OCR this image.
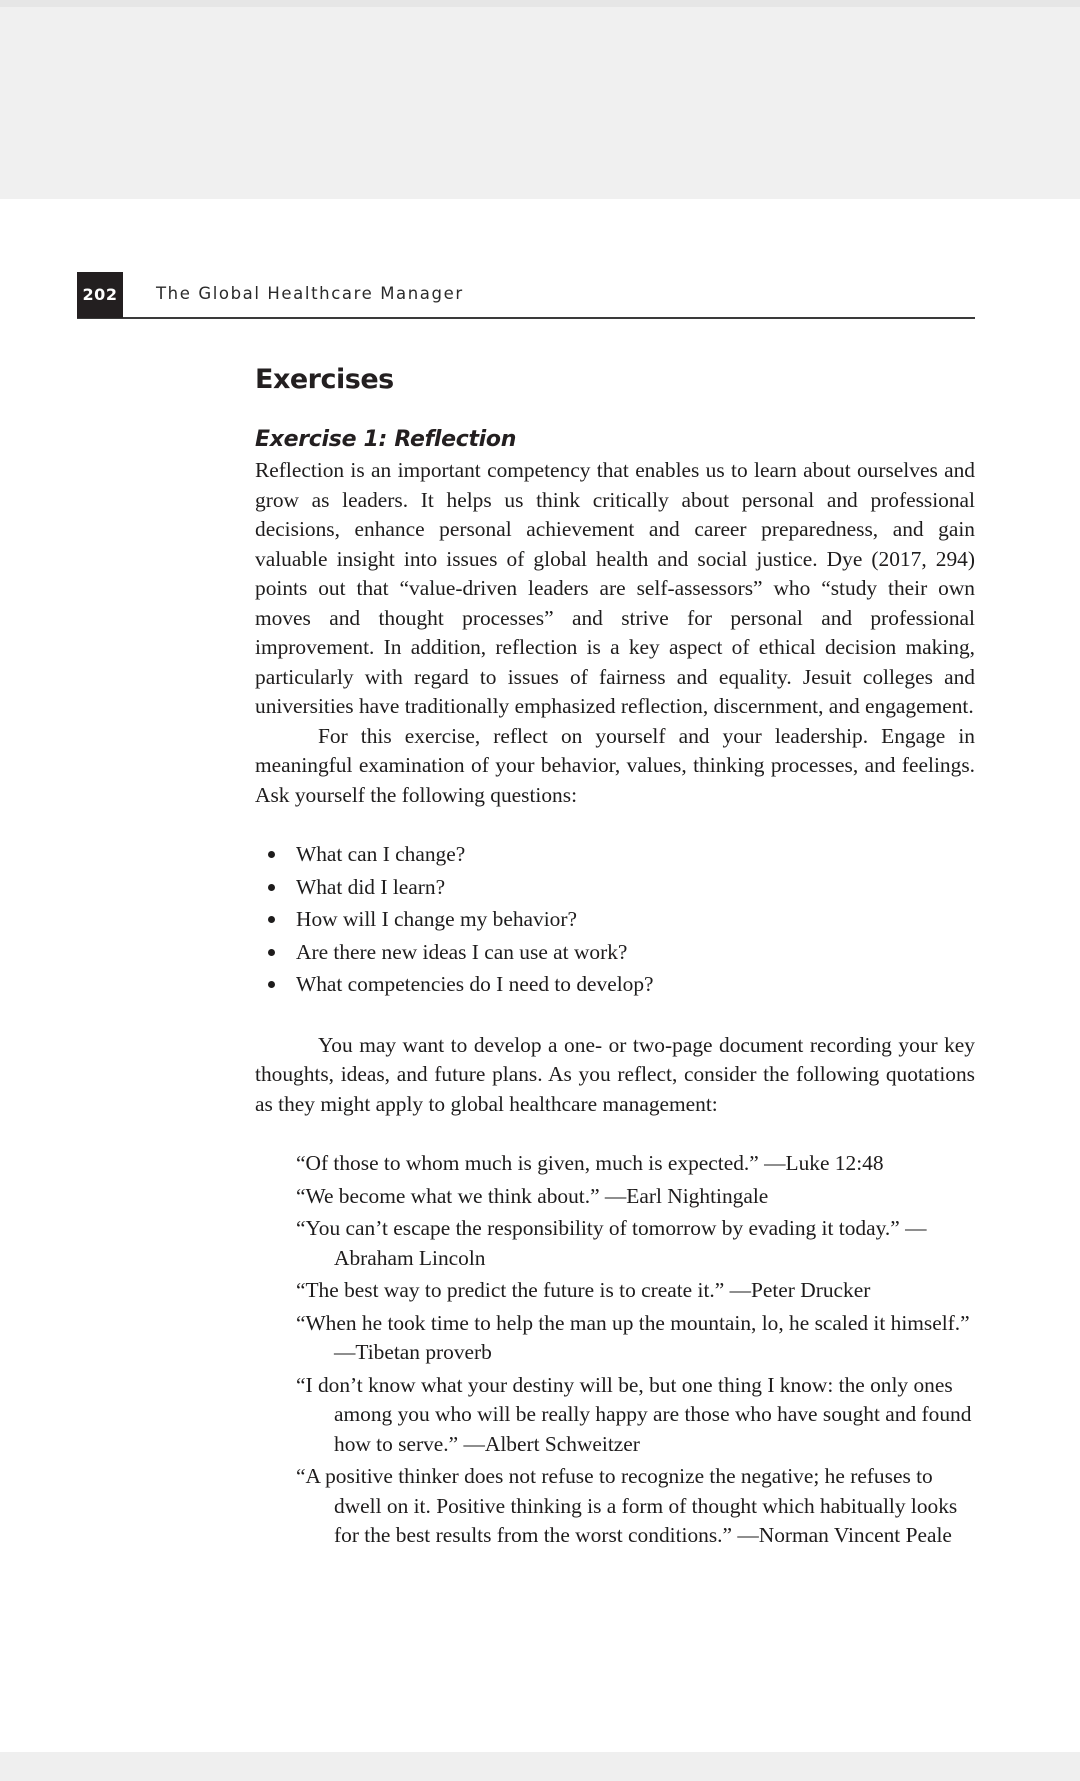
202	The Global Healthcare Manager
Exercises
Exercise 1: Reflection

Reflection is an important competency that enables us to learn about ourselves and grow as leaders. It helps us think critically about personal and professional decisions, enhance personal achievement and career preparedness, and gain valuable insight into issues of global health and social justice. Dye (2017, 294) points out that “value-driven leaders are self-assessors” who “study their own moves and thought processes” and strive for personal and professional improvement. In addition, reflection is a key aspect of ethical decision making, particularly with regard to issues of fairness and equality. Jesuit colleges and universities have traditionally emphasized reflection, discernment, and engagement.

For this exercise, reflect on yourself and your leadership. Engage in meaningful examination of your behavior, values, thinking processes, and feelings. Ask yourself the following questions:

What can I change?
What did I learn?
How will I change my behavior?
Are there new ideas I can use at work?
What competencies do I need to develop?

You may want to develop a one- or two-page document recording your key thoughts, ideas, and future plans. As you reflect, consider the following quotations as they might apply to global healthcare management:

“Of those to whom much is given, much is expected.” —Luke 12:48
“We become what we think about.” —Earl Nightingale
“You can’t escape the responsibility of tomorrow by evading it today.” —Abraham Lincoln
“The best way to predict the future is to create it.” —Peter Drucker
“When he took time to help the man up the mountain, lo, he scaled it himself.” —Tibetan proverb
“I don’t know what your destiny will be, but one thing I know: the only ones among you who will be really happy are those who have sought and found how to serve.” —Albert Schweitzer
“A positive thinker does not refuse to recognize the negative; he refuses to dwell on it. Positive thinking is a form of thought which habitually looks for the best results from the worst conditions.” —Norman Vincent Peale
